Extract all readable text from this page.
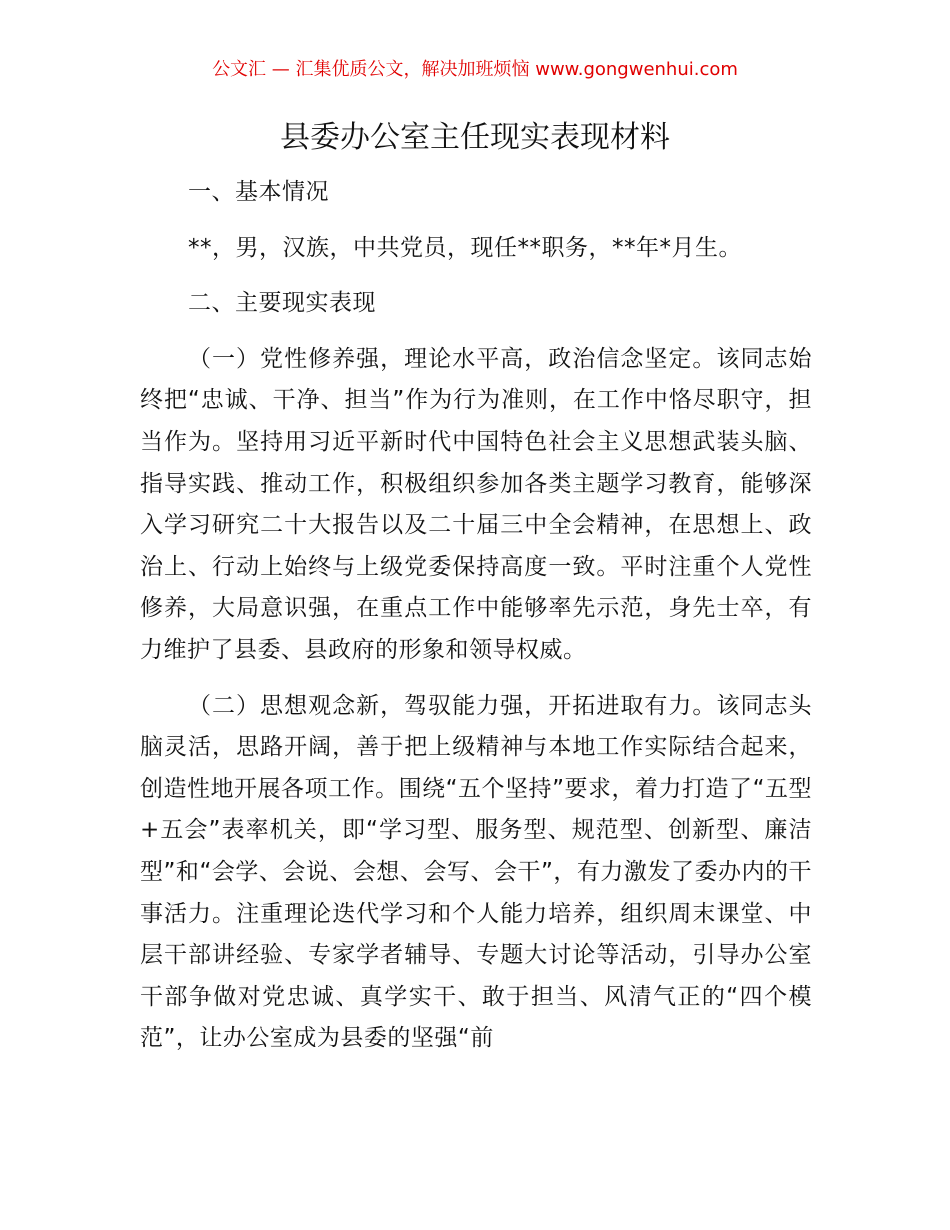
公文汇 — 汇集优质公文，解决加班烦恼 www.gongwenhui.com
县委办公室主任现实表现材料

一、基本情况

**，男，汉族，中共党员，现任**职务，**年*月生。

二、主要现实表现

（一）党性修养强，理论水平高，政治信念坚定。该同志始终把“忠诚、干净、担当”作为行为准则，在工作中恪尽职守，担当作为。坚持用习近平新时代中国特色社会主义思想武装头脑、指导实践、推动工作，积极组织参加各类主题学习教育，能够深入学习研究二十大报告以及二十届三中全会精神，在思想上、政治上、行动上始终与上级党委保持高度一致。平时注重个人党性修养，大局意识强，在重点工作中能够率先示范，身先士卒，有力维护了县委、县政府的形象和领导权威。

（二）思想观念新，驾驭能力强，开拓进取有力。该同志头脑灵活，思路开阔，善于把上级精神与本地工作实际结合起来，创造性地开展各项工作。围绕“五个坚持”要求，着力打造了“五型+五会”表率机关，即“学习型、服务型、规范型、创新型、廉洁型”和“会学、会说、会想、会写、会干”，有力激发了委办内的干事活力。注重理论迭代学习和个人能力培养，组织周末课堂、中层干部讲经验、专家学者辅导、专题大讨论等活动，引导办公室干部争做对党忠诚、真学实干、敢于担当、风清气正的“四个模范”，让办公室成为县委的坚强“前
